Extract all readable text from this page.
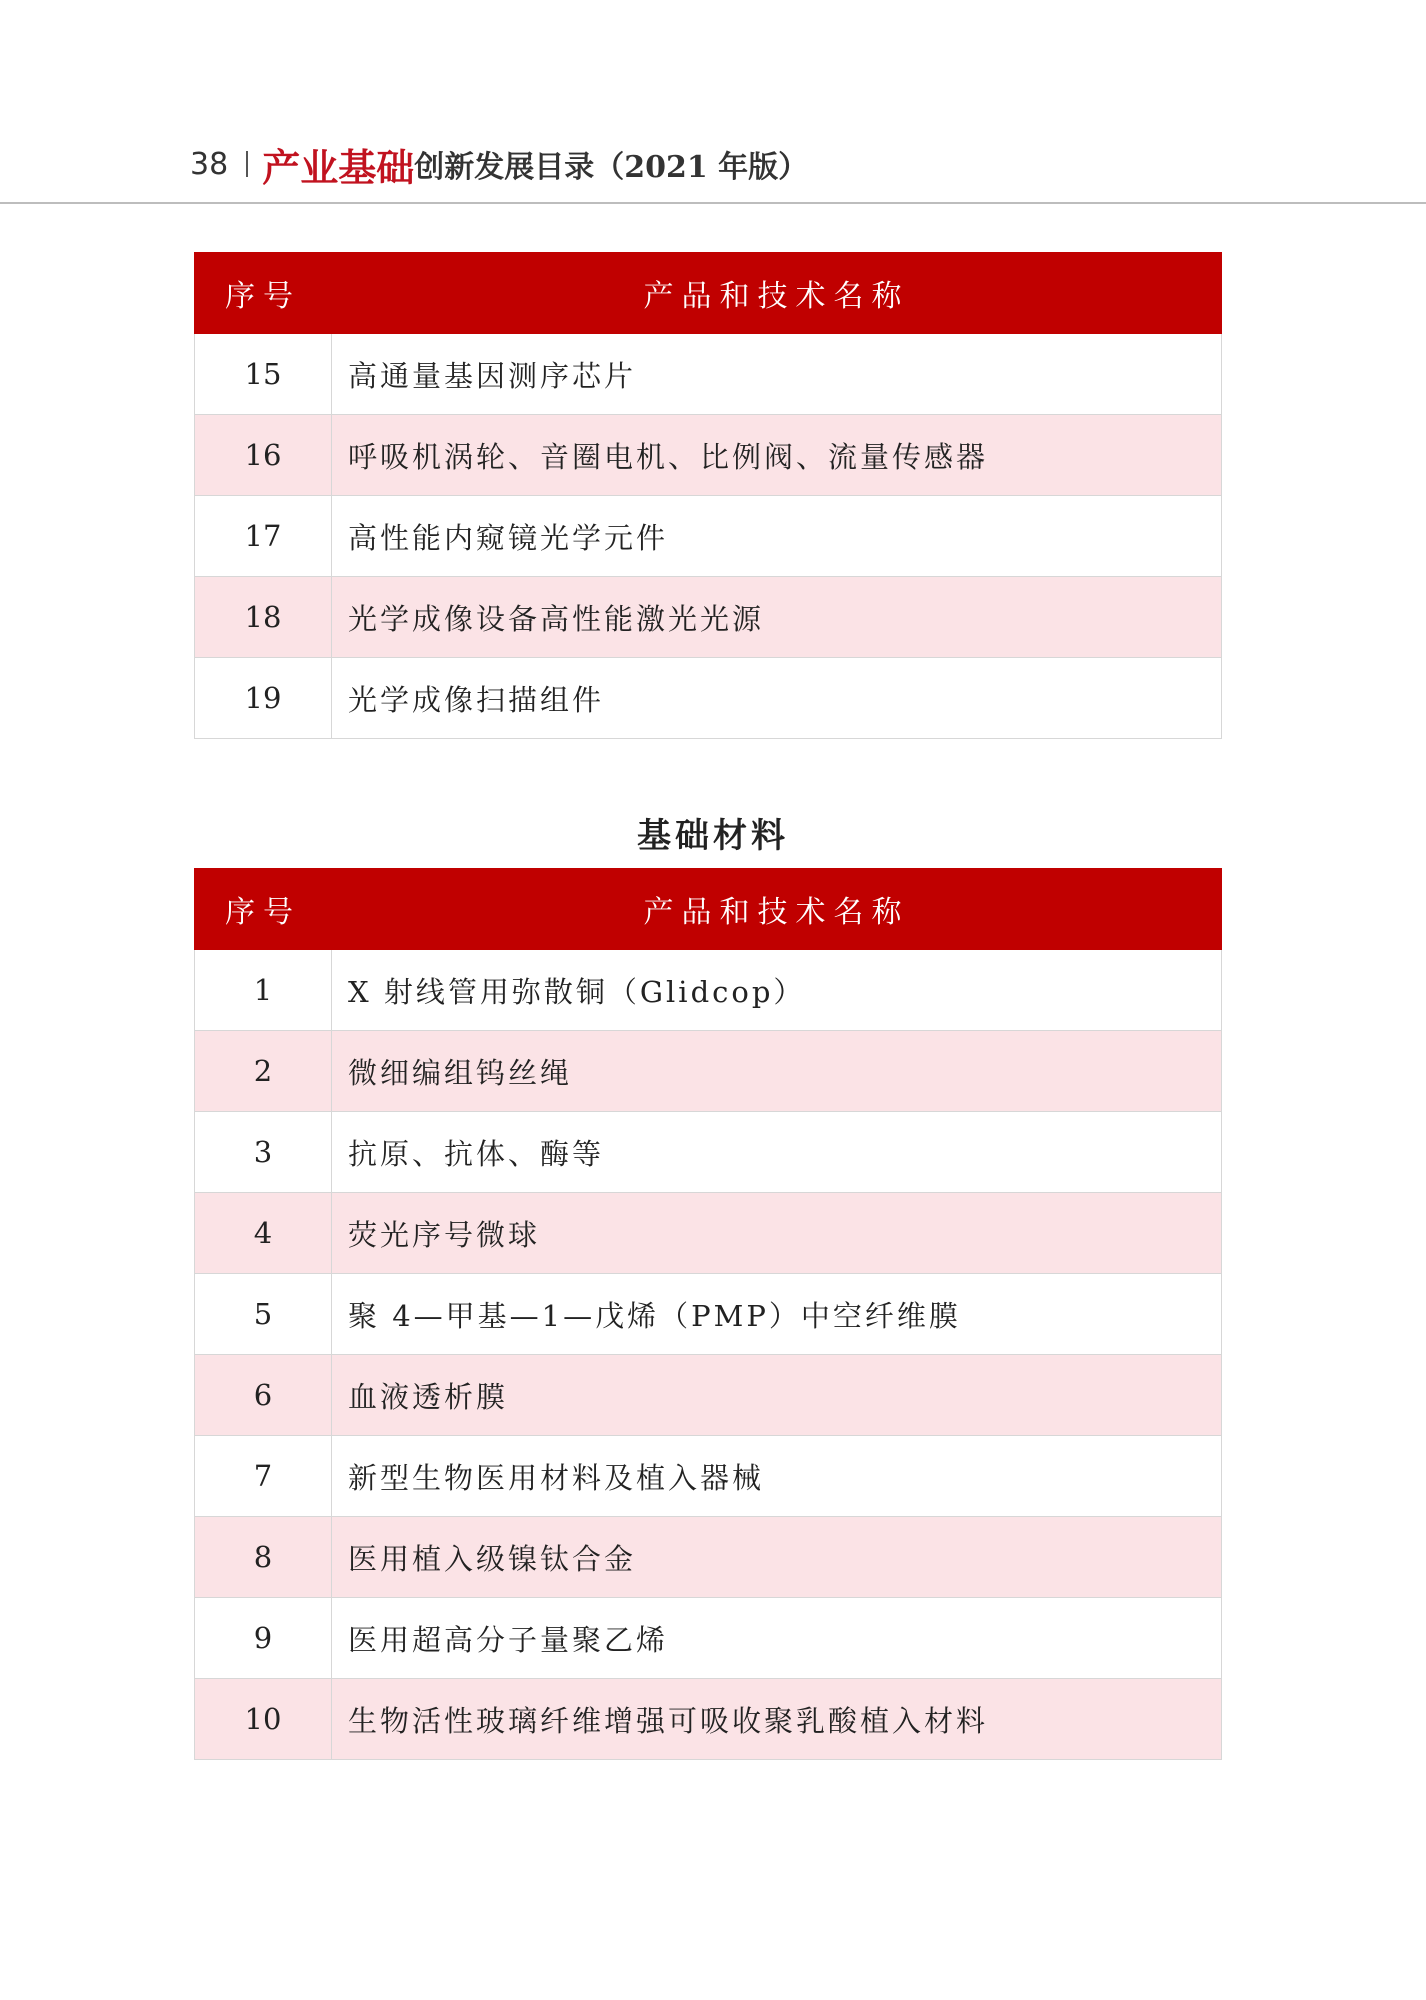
38 产业基础 创新发展目录（2021 年版）
序号	产品和技术名称
15	高通量基因测序芯片
16	呼吸机涡轮、音圈电机、比例阀、流量传感器
17	高性能内窥镜光学元件
18	光学成像设备高性能激光光源
19	光学成像扫描组件
基础材料
序号	产品和技术名称
1	X 射线管用弥散铜（Glidcop）
2	微细编组钨丝绳
3	抗原、抗体、酶等
4	荧光序号微球
5	聚 4—甲基—1—戊烯（PMP）中空纤维膜
6	血液透析膜
7	新型生物医用材料及植入器械
8	医用植入级镍钛合金
9	医用超高分子量聚乙烯
10	生物活性玻璃纤维增强可吸收聚乳酸植入材料
